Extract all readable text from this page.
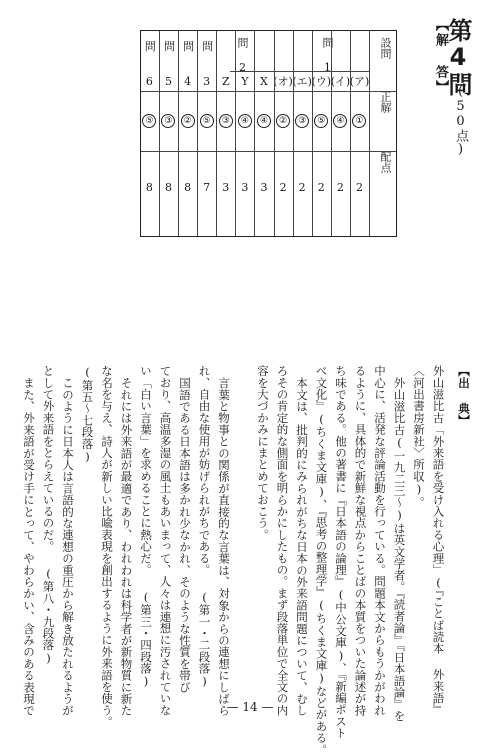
第4問
(50点)
【解 答】
設問
正解
配点
問 1
問 2
(ア)
①
2
(イ)
④
2
(ウ)
⑤
2
(エ)
③
2
(オ)
②
2
X
④
3
Y
④
3
Z
③
3
3
⑤
7
4
②
8
5
③
8
6
⑤
8
問
問
問
問
【出 典】
外山滋比古「外来語を受け入れる心理」(『ことば読本 外来語』
〈河出書房新社〉所収)。
外山滋比古(一九二三〜)は英文学者。『読者論』『日本語論』を
中心に、活発な評論活動を行っている。問題本文からもうかがわれ
るように、具体的で新鮮な視点からことばの本質をついた論述が持
ち味である。他の著書に『日本語の論理』(中公文庫)、『新編ポスト
べ文化』(ちくま文庫)、『思考の整理学』(ちくま文庫)などがある。
本文は、批判的にみられがちな日本の外来語問題について、むし
ろその肯定的な側面を明らかにしたもの。まず段落単位で全文の内
容を大づかみにまとめておこう。
言葉と物事との関係が直接的な言葉は、対象からの連想にしばら
れ、自由な使用が妨げられがちである。 (第一・二段落)
国語である日本語は多かれ少なかれ、そのような性質を帯び
ており、高温多湿の風土もあいまって、人々は連想に汚されていな
い「白い言葉」を求めることに熱心だ。 (第三・四段落)
それには外来語が最適であり、われわれは科学者が新物質に新た
な名を与え、詩人が新しい比喩表現を創出するように外来語を使う。
(第五〜七段落)
このように日本人は言語的な連想の重圧から解き放たれるようが
として外来語をとらえているのだ。 (第八・九段落)
また、外来語が受け手にとって、やわらかい、含みのある表現で	— 14 —
